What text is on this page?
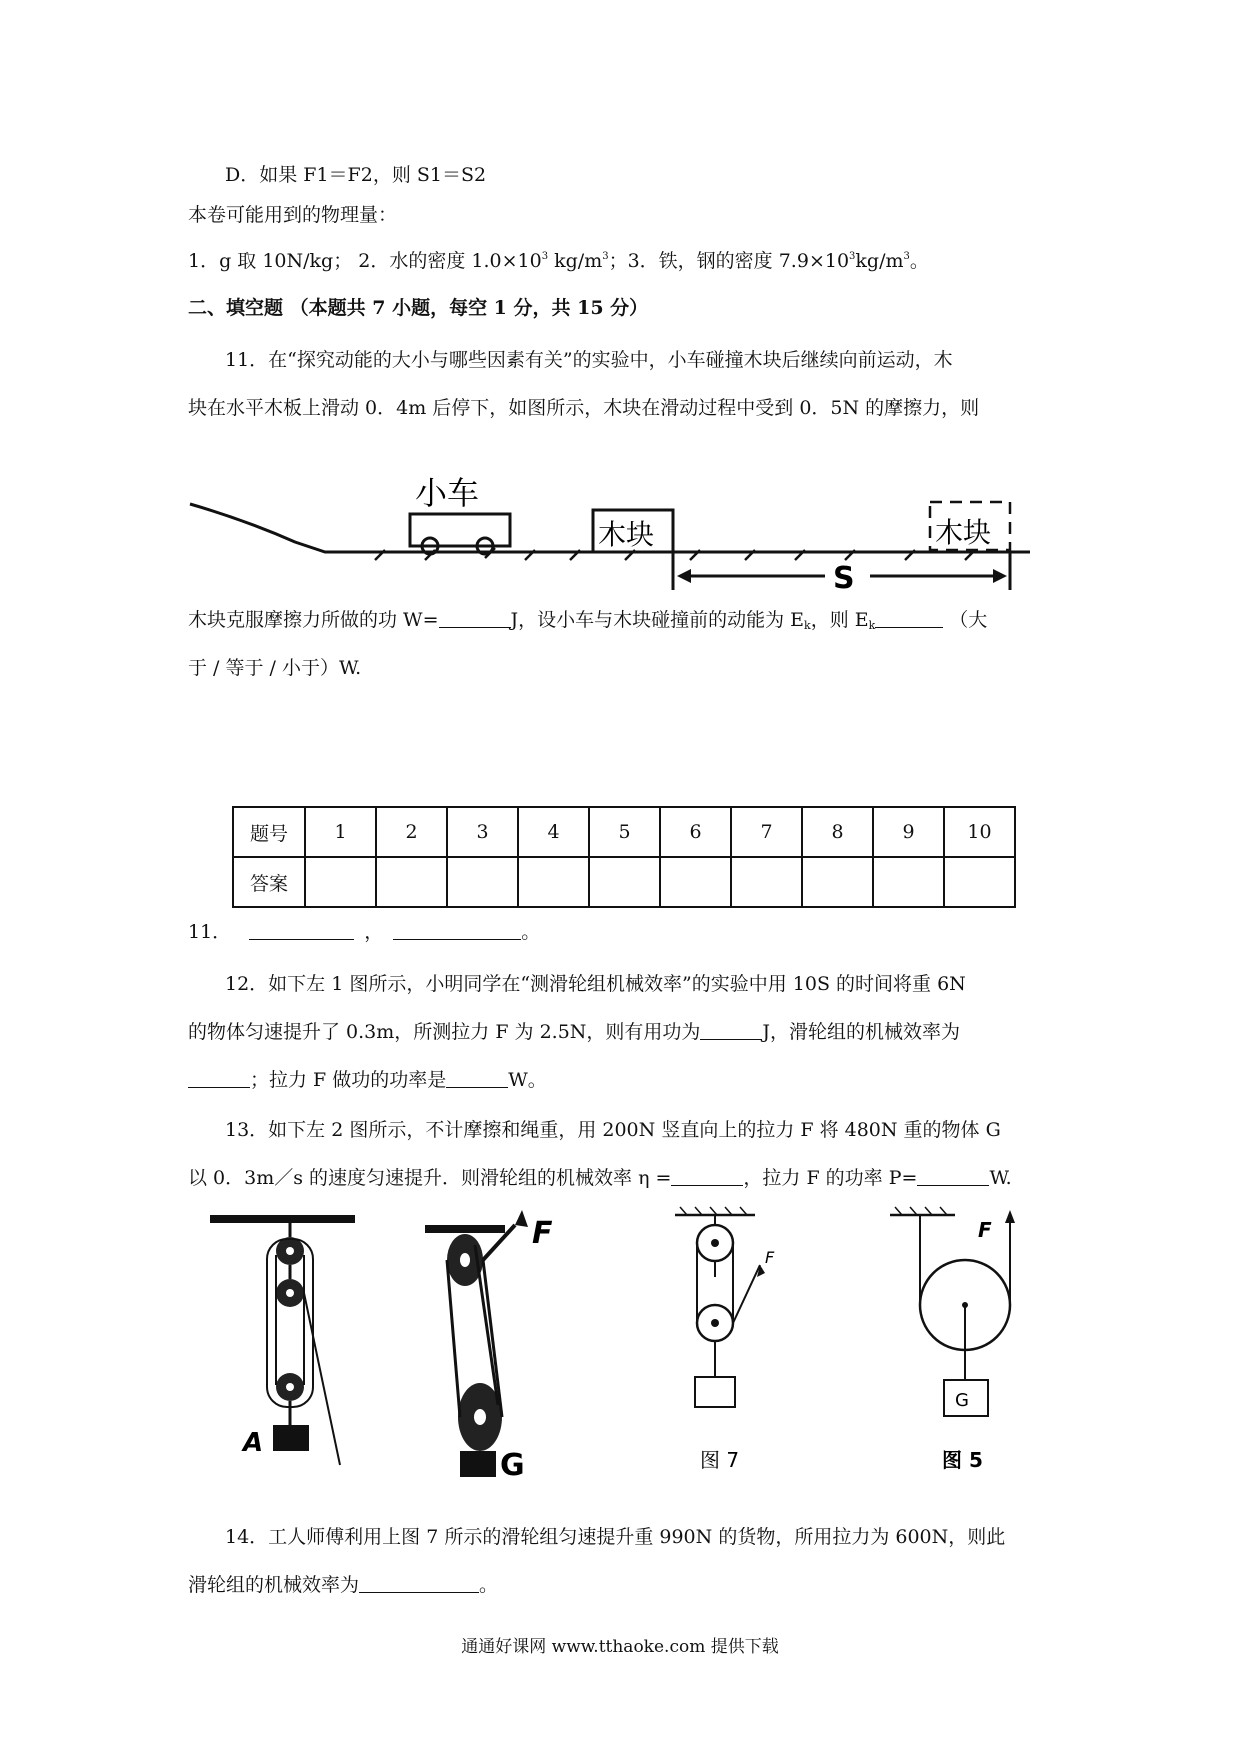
D．如果 F1＝F2，则 S1＝S2
本卷可能用到的物理量：
1．g 取 10N/kg； 2．水的密度 $1.0\times 10^3$ $kg/m^3$；3．铁，钢的密度 $7.9\times 10^3kg/m^3$。
二、填空题 （本题共 7 小题，每空 1 分，共 15 分）
11．在“探究动能的大小与哪些因素有关”的实验中，小车碰撞木块后继续向前运动，木
块在水平木板上滑动 0．4m 后停下，如图所示，木块在滑动过程中受到 0．5N 的摩擦力，则
小车
木块	木块
S
木块克服摩擦力所做的功 W=	J，设小车与木块碰撞前的动能为 $E_k$，则 $E_k$	（大
于 / 等于 / 小于）W.
题号	1	2	3	4	5	6	7	8	9	10
答案										
11．	，	。
12．如下左 1 图所示，小明同学在“测滑轮组机械效率”的实验中用 10S 的时间将重 6N
的物体匀速提升了 0.3m，所测拉力 F 为 2.5N，则有用功为	J，滑轮组的机械效率为
；拉力 F 做功的功率是	W。
13．如下左 2 图所示，不计摩擦和绳重，用 200N 竖直向上的拉力 F 将 480N 重的物体 G
以 0．3m／s 的速度匀速提升．则滑轮组的机械效率 η =	，拉力 F 的功率 P=	W.
A
F
G
F
图 7
F
G
图 5
14．工人师傅利用上图 7 所示的滑轮组匀速提升重 990N 的货物，所用拉力为 600N，则此
滑轮组的机械效率为	。
通通好课网 www.tthaoke.com 提供下载
